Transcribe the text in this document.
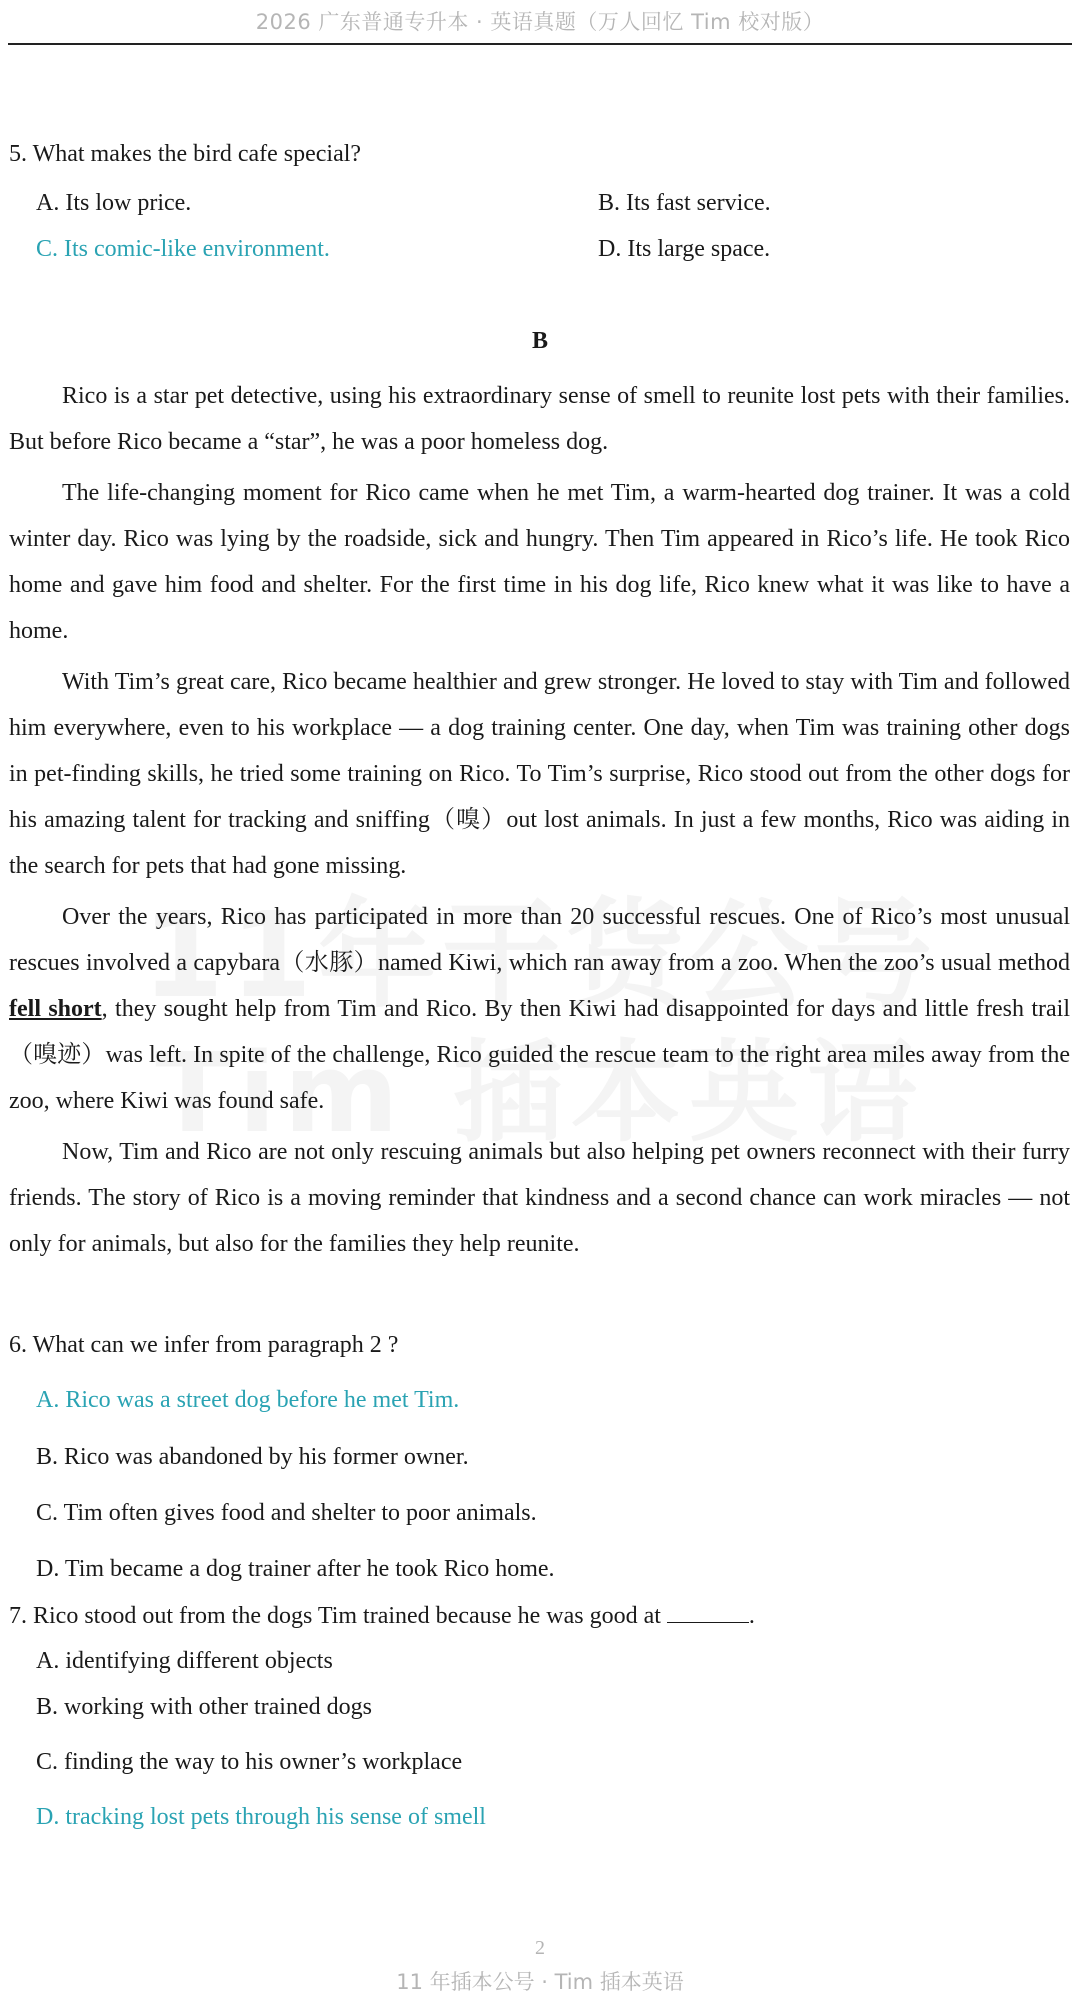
2026 广东普通专升本 · 英语真题（万人回忆 Tim 校对版）
5. What makes the bird cafe special?
A. Its low price.	B. Its fast service.
C. Its comic-like environment.	D. Its large space.
B

Rico is a star pet detective, using his extraordinary sense of smell to reunite lost pets with their families. But before Rico became a “star”, he was a poor homeless dog.

The life-changing moment for Rico came when he met Tim, a warm-hearted dog trainer. It was a cold winter day. Rico was lying by the roadside, sick and hungry. Then Tim appeared in Rico’s life. He took Rico home and gave him food and shelter. For the first time in his dog life, Rico knew what it was like to have a home.

With Tim’s great care, Rico became healthier and grew stronger. He loved to stay with Tim and followed him everywhere, even to his workplace — a dog training center. One day, when Tim was training other dogs in pet-finding skills, he tried some training on Rico. To Tim’s surprise, Rico stood out from the other dogs for his amazing talent for tracking and sniffing（嗅）out lost animals. In just a few months, Rico was aiding in the search for pets that had gone missing.

Over the years, Rico has participated in more than 20 successful rescues. One of Rico’s most unusual rescues involved a capybara（水豚）named Kiwi, which ran away from a zoo. When the zoo’s usual method fell short, they sought help from Tim and Rico. By then Kiwi had disappointed for days and little fresh trail（嗅迹）was left. In spite of the challenge, Rico guided the rescue team to the right area miles away from the zoo, where Kiwi was found safe.

Now, Tim and Rico are not only rescuing animals but also helping pet owners reconnect with their furry friends. The story of Rico is a moving reminder that kindness and a second chance can work miracles — not only for animals, but also for the families they help reunite.

6. What can we infer from paragraph 2 ?
A. Rico was a street dog before he met Tim.
B. Rico was abandoned by his former owner.
C. Tim often gives food and shelter to poor animals.
D. Tim became a dog trainer after he took Rico home.
7. Rico stood out from the dogs Tim trained because he was good at	.
A. identifying different objects
B. working with other trained dogs
C. finding the way to his owner’s workplace
D. tracking lost pets through his sense of smell
2
11 年插本公号 · Tim 插本英语
